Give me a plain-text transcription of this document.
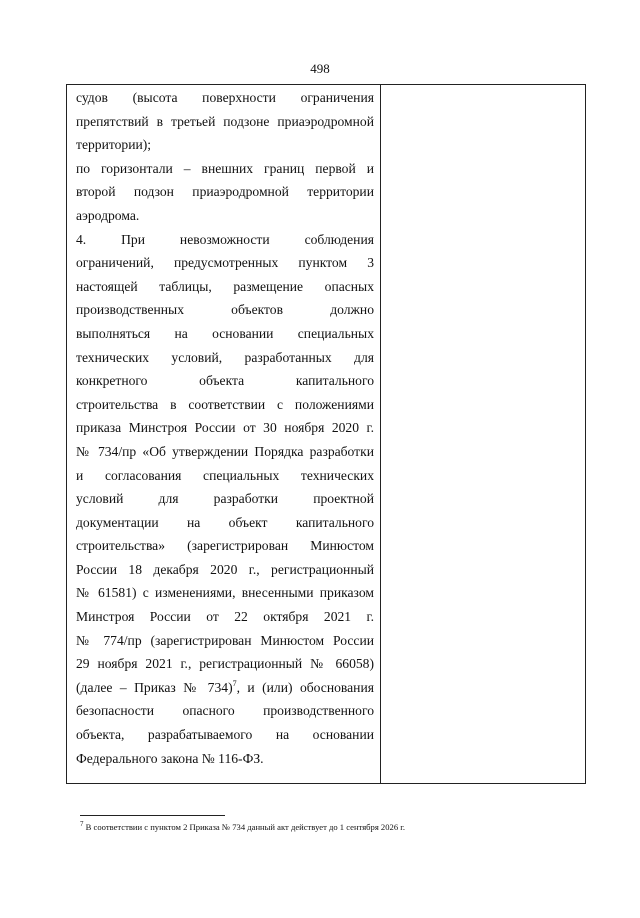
498
судов (высота поверхности ограничения
препятствий в третьей подзоне приаэродромной
территории);
по горизонтали – внешних границ первой и
второй подзон приаэродромной территории
аэродрома.
4. При невозможности соблюдения
ограничений, предусмотренных пунктом 3
настоящей таблицы, размещение опасных
производственных объектов должно
выполняться на основании специальных
технических условий, разработанных для
конкретного объекта капитального
строительства в соответствии с положениями
приказа Минстроя России от 30 ноября 2020 г.
№ 734/пр «Об утверждении Порядка разработки
и согласования специальных технических
условий для разработки проектной
документации на объект капитального
строительства» (зарегистрирован Минюстом
России 18 декабря 2020 г., регистрационный
№ 61581) с изменениями, внесенными приказом
Минстроя России от 22 октября 2021 г.
№ 774/пр (зарегистрирован Минюстом России
29 ноября 2021 г., регистрационный № 66058)
(далее – Приказ № 734)$^7$, и (или) обоснования
безопасности опасного производственного
объекта, разрабатываемого на основании
Федерального закона № 116-ФЗ.
$^7$ В соответствии с пунктом 2 Приказа № 734 данный акт действует до 1 сентября 2026 г.
